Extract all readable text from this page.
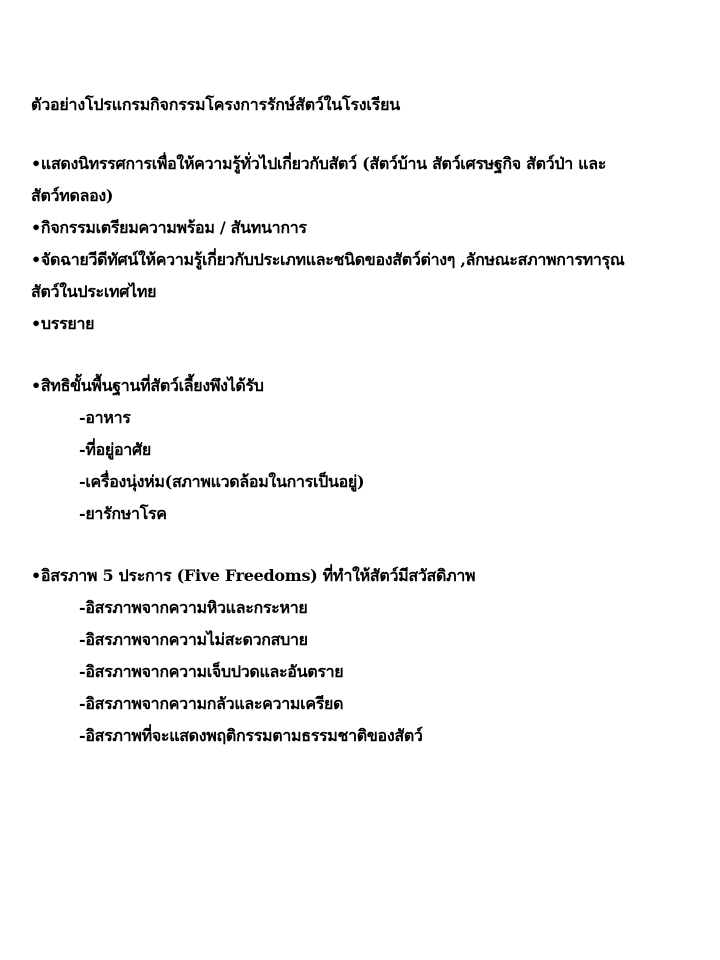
ตัวอย่างโปรแกรมกิจกรรมโครงการรักษ์สัตว์ในโรงเรียน

•แสดงนิทรรศการเพื่อให้ความรู้ทั่วไปเกี่ยวกับสัตว์ (สัตว์บ้าน สัตว์เศรษฐกิจ สัตว์ป่า และ

สัตว์ทดลอง)

•กิจกรรมเตรียมความพร้อม / สันทนาการ

•จัดฉายวีดีทัศน์ให้ความรู้เกี่ยวกับประเภทและชนิดของสัตว์ต่างๆ ,ลักษณะสภาพการทารุณ

สัตว์ในประเทศไทย

•บรรยาย

•สิทธิขั้นพื้นฐานที่สัตว์เลี้ยงพึงได้รับ

-อาหาร

-ที่อยู่อาศัย

-เครื่องนุ่งห่ม(สภาพแวดล้อมในการเป็นอยู่)

-ยารักษาโรค

•อิสรภาพ 5 ประการ (Five Freedoms) ที่ทำให้สัตว์มีสวัสดิภาพ

-อิสรภาพจากความหิวและกระหาย

-อิสรภาพจากความไม่สะดวกสบาย

-อิสรภาพจากความเจ็บปวดและอันตราย

-อิสรภาพจากความกลัวและความเครียด

-อิสรภาพที่จะแสดงพฤติกรรมตามธรรมชาติของสัตว์
